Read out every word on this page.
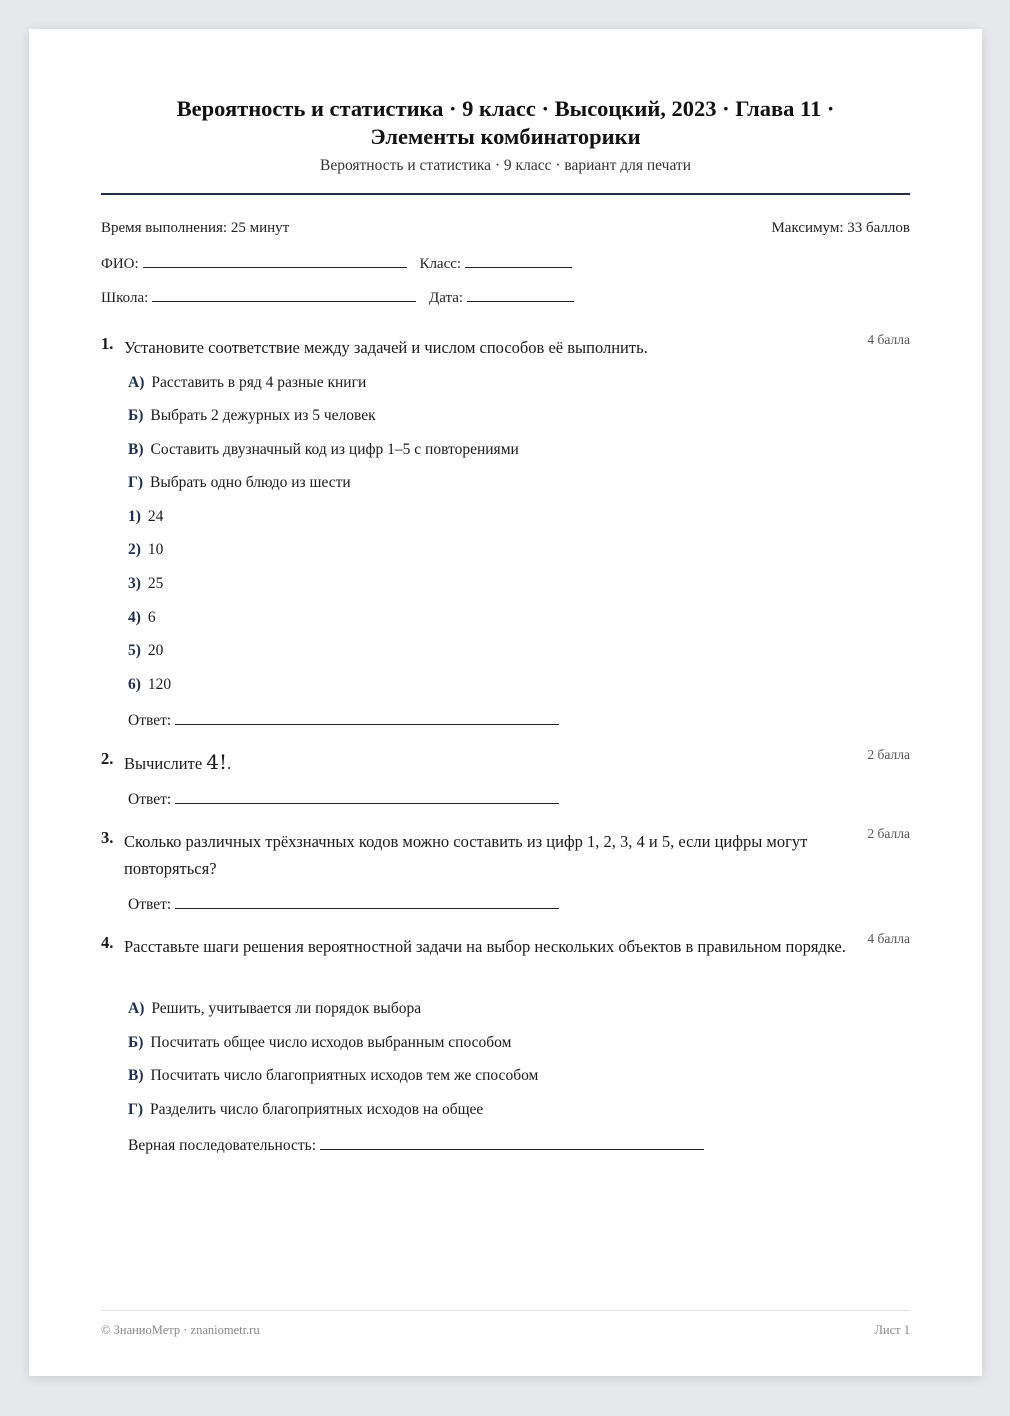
Вероятность и статистика · 9 класс · Высоцкий, 2023 · Глава 11 ·
Элементы комбинаторики
Вероятность и статистика · 9 класс · вариант для печати
Время выполнения: 25 минут	Максимум: 33 баллов
ФИО:	Класс:
Школа:	Дата:
1. Установите соответствие между задачей и числом способов её выполнить.	4 балла
А) Расставить в ряд 4 разные книги
Б) Выбрать 2 дежурных из 5 человек
В) Составить двузначный код из цифр 1–5 с повторениями
Г) Выбрать одно блюдо из шести
1) 24
2) 10
3) 25
4) 6
5) 20
6) 120
Ответ:
2. Вычислите 4!.	2 балла
Ответ:
3. Сколько различных трёхзначных кодов можно составить из цифр 1, 2, 3, 4 и 5, если цифры могут повторяться?
2 балла
Ответ:
4. Расставьте шаги решения вероятностной задачи на выбор нескольких объектов в правильном порядке.	4 балла
А) Решить, учитывается ли порядок выбора
Б) Посчитать общее число исходов выбранным способом
В) Посчитать число благоприятных исходов тем же способом
Г) Разделить число благоприятных исходов на общее
Верная последовательность:
© ЗнаниоМетр · znaniometr.ru	Лист 1
